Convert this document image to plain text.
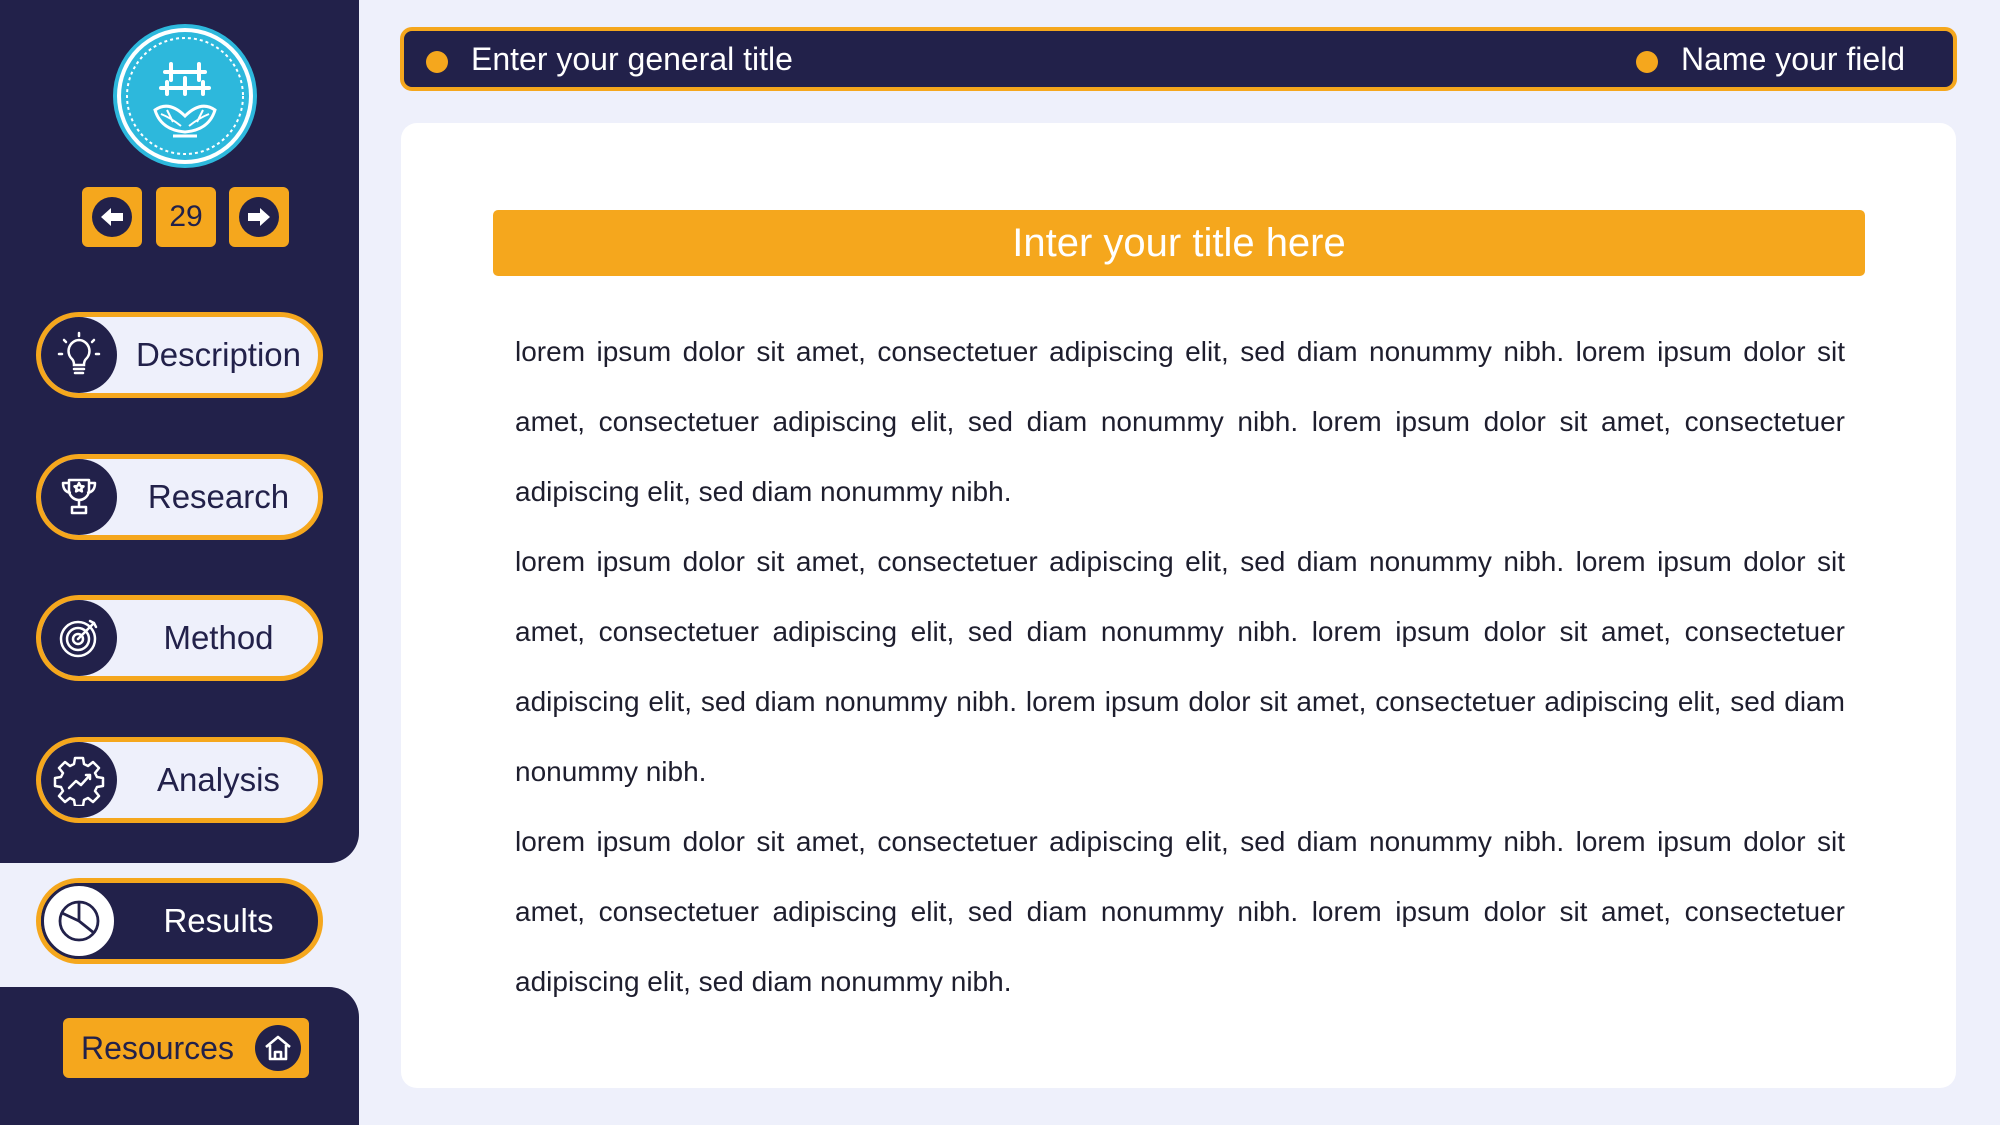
29
Description
Research
Method
Analysis
Results
Resources
Enter your general title	Name your field
Inter your title here

lorem ipsum dolor sit amet, consectetuer adipiscing elit, sed diam nonummy nibh. lorem ipsum dolor sit amet, consectetuer adipiscing elit, sed diam nonummy nibh. lorem ipsum dolor sit amet, consectetuer adipiscing elit, sed diam nonummy nibh.

lorem ipsum dolor sit amet, consectetuer adipiscing elit, sed diam nonummy nibh. lorem ipsum dolor sit amet, consectetuer adipiscing elit, sed diam nonummy nibh. lorem ipsum dolor sit amet, consectetuer adipiscing elit, sed diam nonummy nibh. lorem ipsum dolor sit amet, consectetuer adipiscing elit, sed diam nonummy nibh.

lorem ipsum dolor sit amet, consectetuer adipiscing elit, sed diam nonummy nibh. lorem ipsum dolor sit amet, consectetuer adipiscing elit, sed diam nonummy nibh. lorem ipsum dolor sit amet, consectetuer adipiscing elit, sed diam nonummy nibh.
